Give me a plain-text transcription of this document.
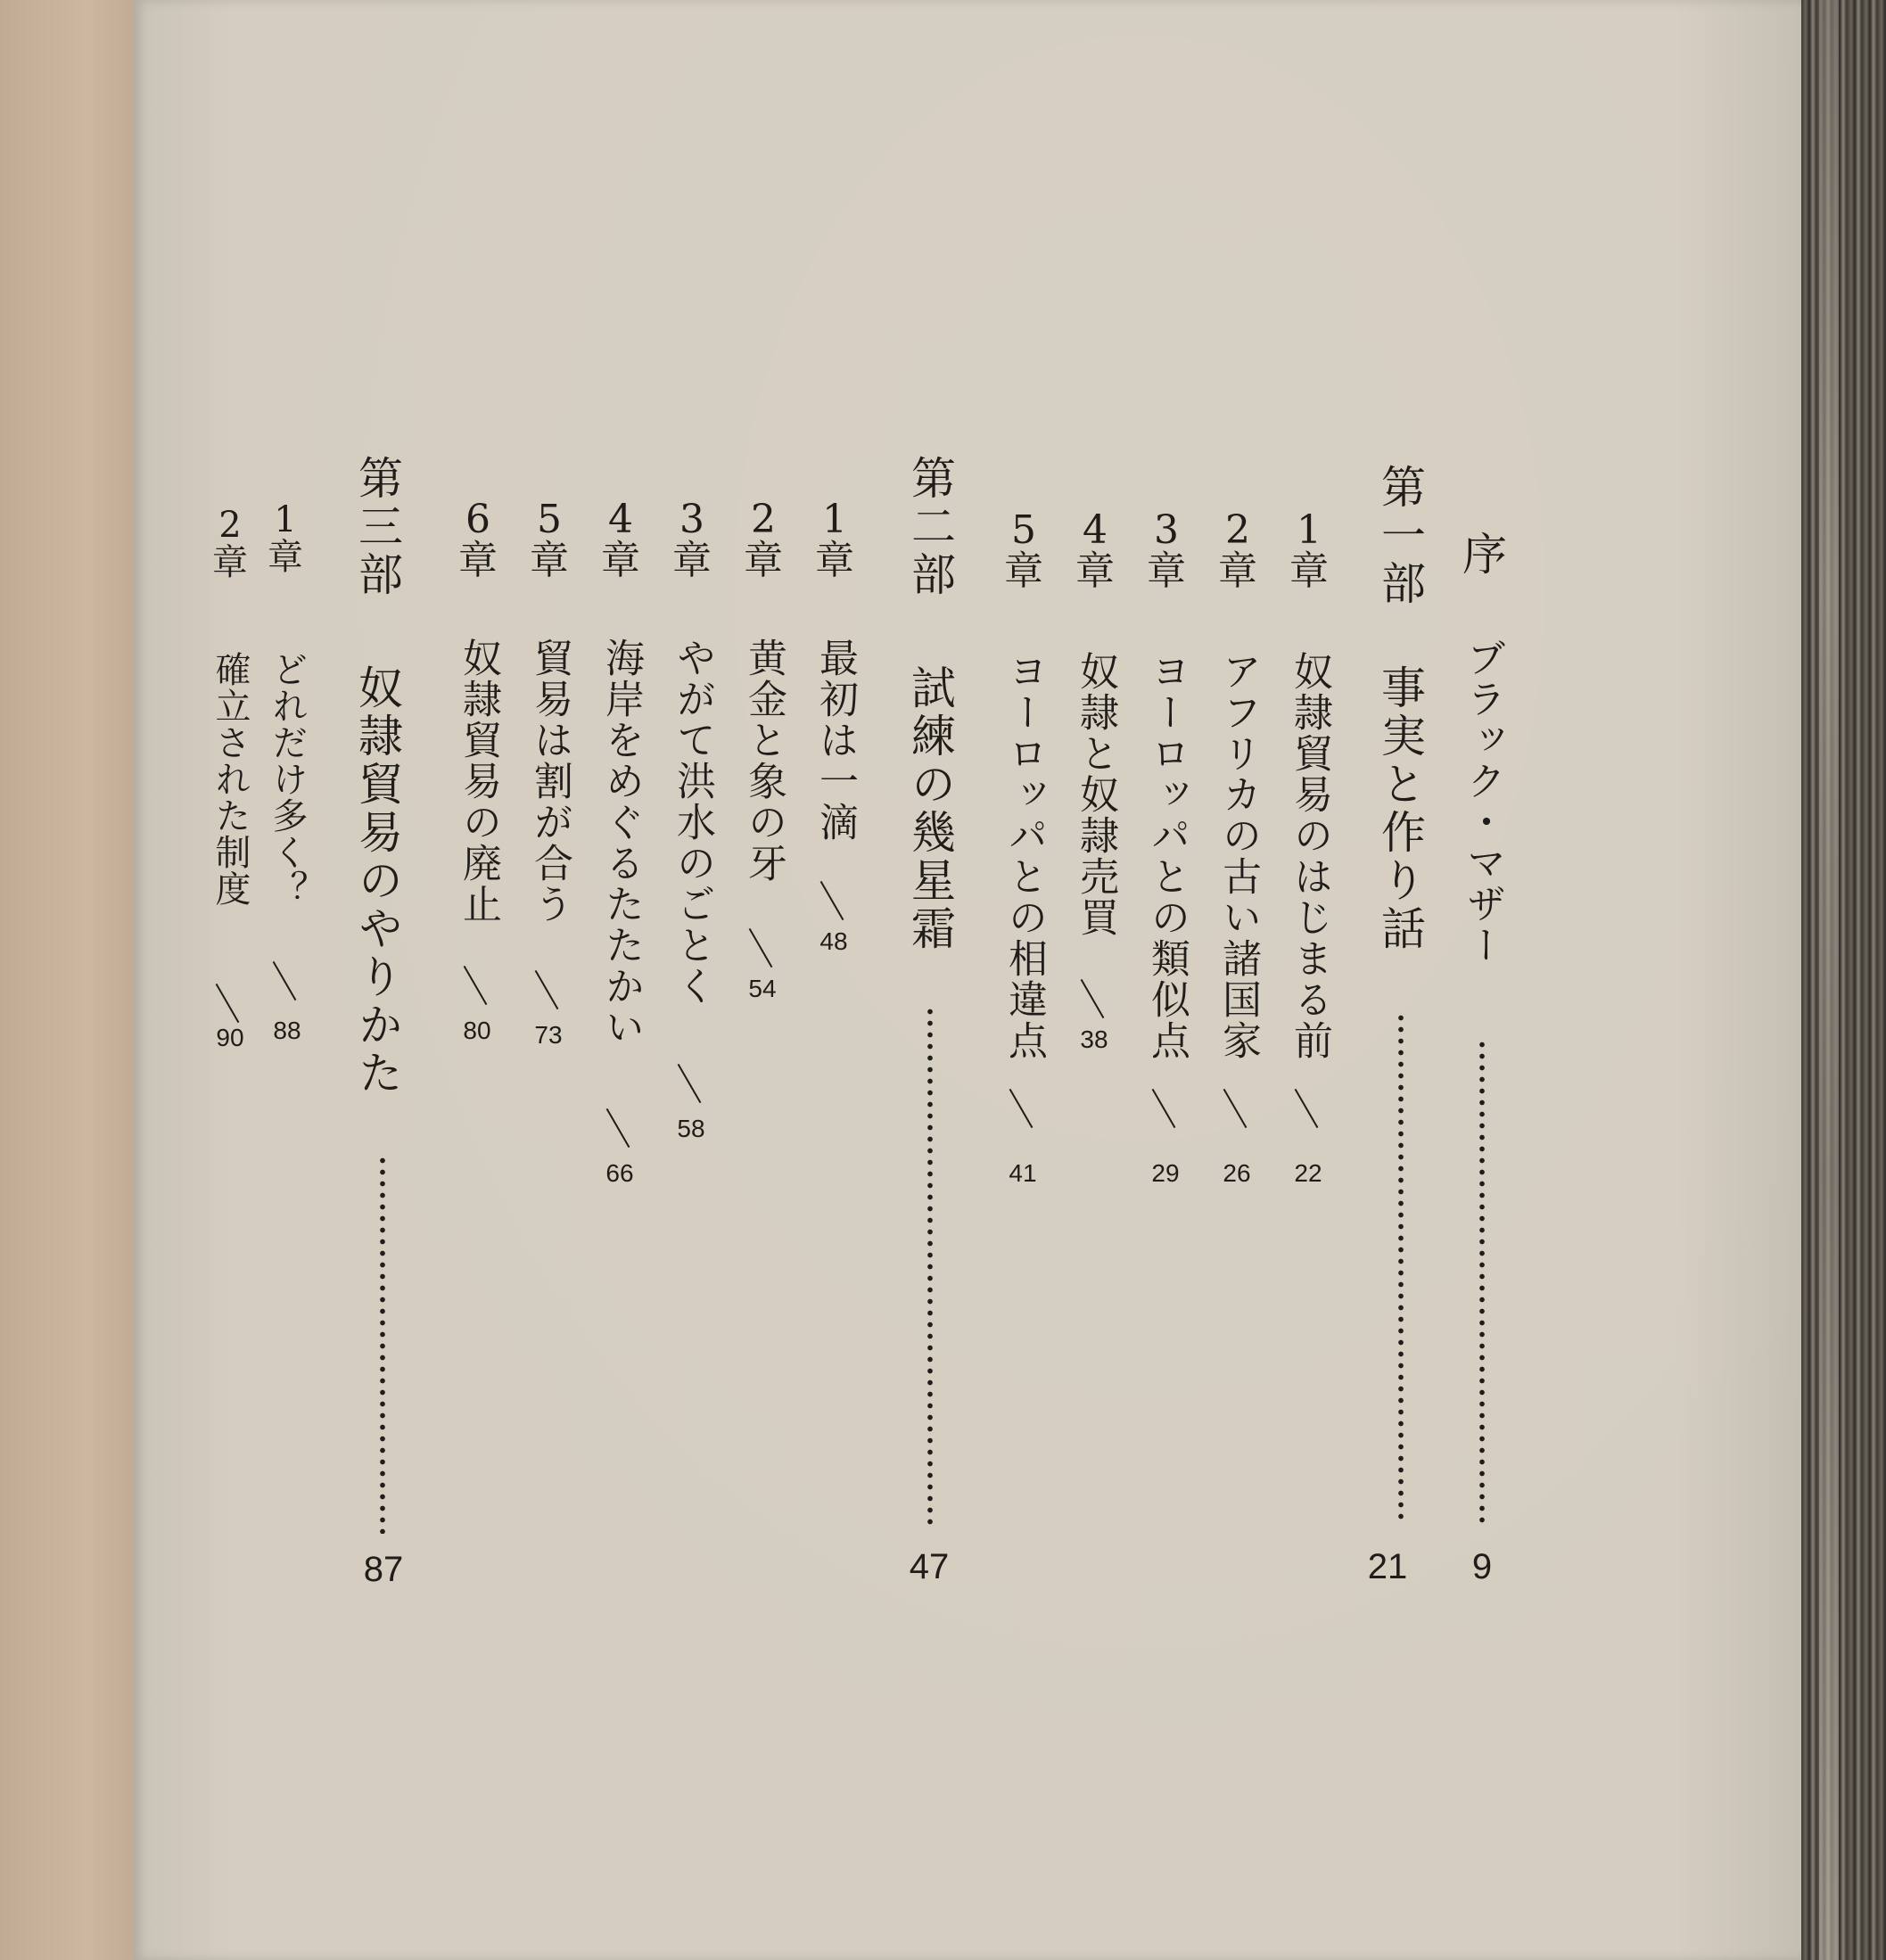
序
ブラック・マザー
9
第一部
事実と作り話
21
1
章
奴隷貿易のはじまる前
22
2
章
アフリカの古い諸国家
26
3
章
ヨーロッパとの類似点
29
4
章
奴隷と奴隷売買
38
5
章
ヨーロッパとの相違点
41
第二部
試練の幾星霜
47
1
章
最初は一滴
48
2
章
黄金と象の牙
54
3
章
やがて洪水のごとく
58
4
章
海岸をめぐるたたかい
66
5
章
貿易は割が合う
73
6
章
奴隷貿易の廃止
80
第三部
奴隷貿易のやりかた
87
1
章
どれだけ多く？
88
2
章
確立された制度
90
